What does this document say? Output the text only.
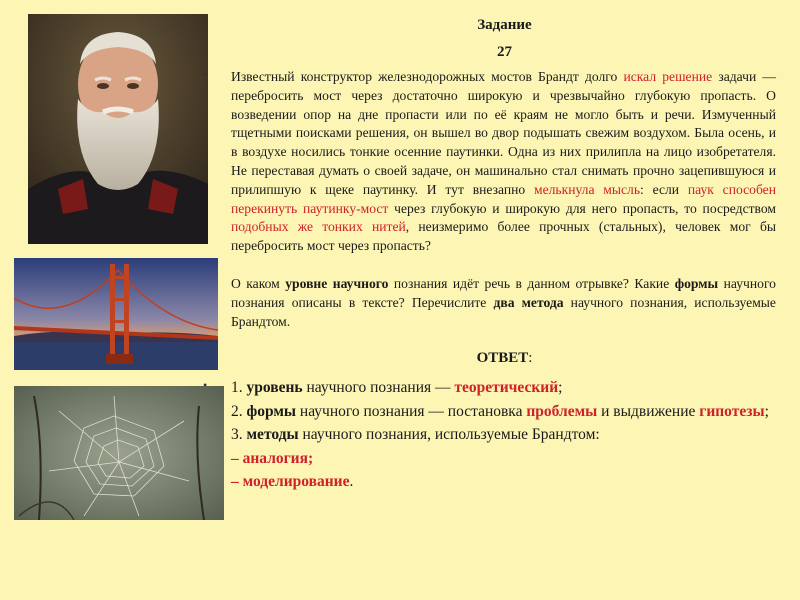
Задание
27
• Известный конструктор железнодорожных мостов Брандт долго искал решение задачи — перебросить мост через достаточно широкую и чрезвычайно глубокую пропасть. О возведении опор на дне пропасти или по её краям не могло быть и речи. Измученный тщетными поисками решения, он вышел во двор подышать свежим воздухом. Была осень, и в воздухе носились тонкие осенние паутинки. Одна из них прилипла на лицо изобретателя. Не переставая думать о своей задаче, он машинально стал снимать прочно зацепившуюся и прилипшую к щеке паутинку. И тут внезапно мелькнула мысль: если паук способен перекинуть паутинку-мост через глубокую и широкую для него пропасть, то посредством подобных же тонких нитей, неизмеримо более прочных (стальных), человек мог бы перебросить мост через пропасть?

О каком уровне научного познания идёт речь в данном отрывке? Какие формы научного познания описаны в тексте? Перечислите два метода научного познания, используемые Брандтом.

ОТВЕТ:
• 1. уровень научного познания — теоретический;

2. формы научного познания — постановка проблемы и выдвижение гипотезы;

3. методы научного познания, используемые Брандтом:

– аналогия;

– моделирование.
